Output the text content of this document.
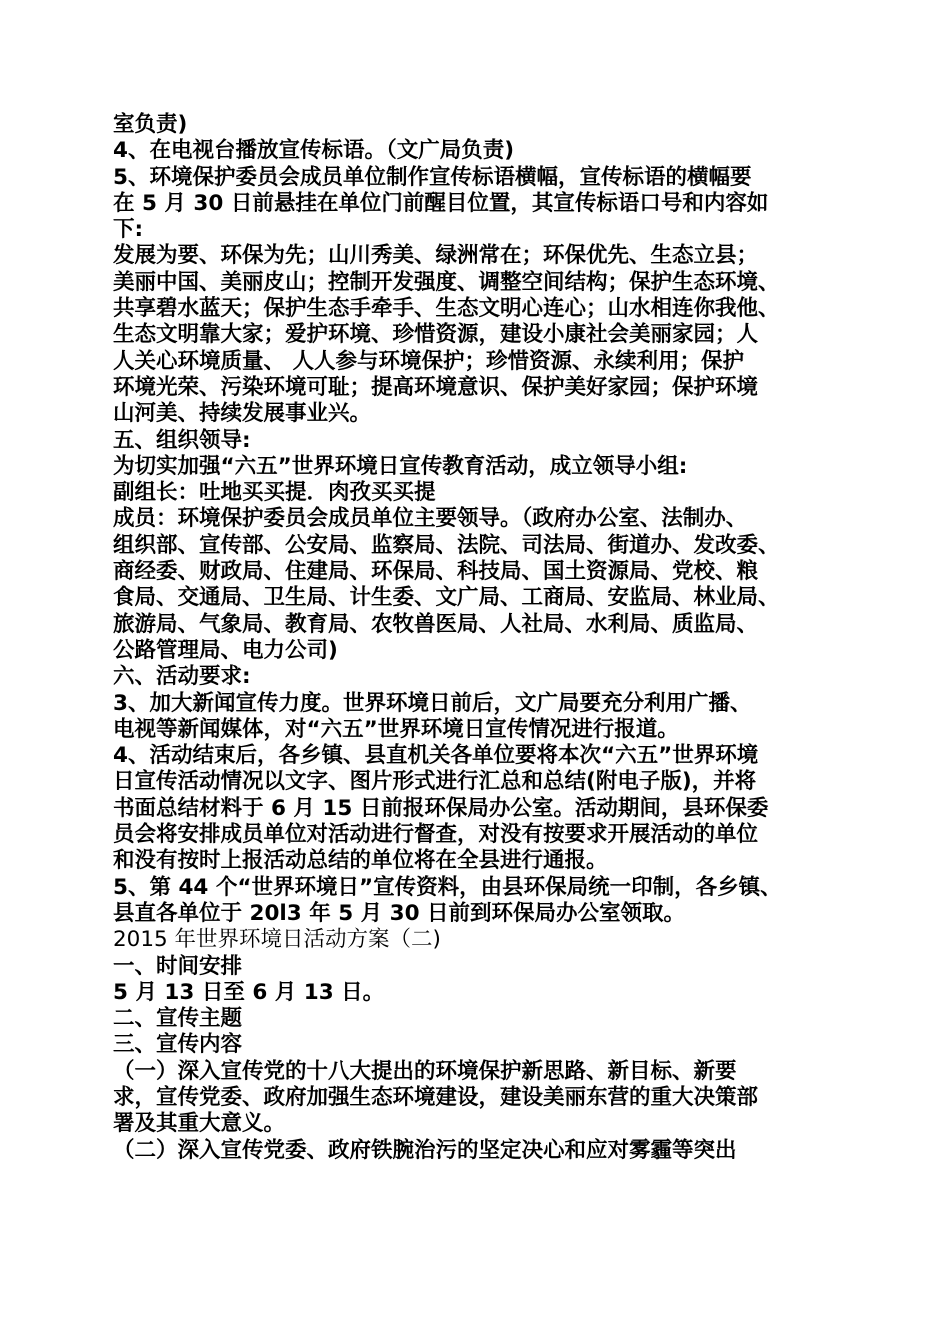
室负责)
4、在电视台播放宣传标语。（文广局负责)
5、环境保护委员会成员单位制作宣传标语横幅，宣传标语的横幅要
在 5 月 30 日前悬挂在单位门前醒目位置，其宣传标语口号和内容如
下:
发展为要、环保为先；山川秀美、绿洲常在；环保优先、生态立县；
美丽中国、美丽皮山；控制开发强度、调整空间结构；保护生态环境、
共享碧水蓝天；保护生态手牵手、生态文明心连心；山水相连你我他、
生态文明靠大家；爱护环境、珍惜资源，建设小康社会美丽家园；人
人关心环境质量、 人人参与环境保护；珍惜资源、永续利用；保护
环境光荣、污染环境可耻；提高环境意识、保护美好家园；保护环境
山河美、持续发展事业兴。
五、组织领导:
为切实加强“六五”世界环境日宣传教育活动，成立领导小组:
副组长：吐地买买提．肉孜买买提
成员：环境保护委员会成员单位主要领导。（政府办公室、法制办、
组织部、宣传部、公安局、监察局、法院、司法局、街道办、发改委、
商经委、财政局、住建局、环保局、科技局、国土资源局、党校、粮
食局、交通局、卫生局、计生委、文广局、工商局、安监局、林业局、
旅游局、气象局、教育局、农牧兽医局、人社局、水利局、质监局、
公路管理局、电力公司)
六、活动要求:
3、加大新闻宣传力度。世界环境日前后，文广局要充分利用广播、
电视等新闻媒体，对“六五”世界环境日宣传情况进行报道。
4、活动结束后，各乡镇、县直机关各单位要将本次“六五”世界环境
日宣传活动情况以文字、图片形式进行汇总和总结(附电子版)，并将
书面总结材料于 6 月 15 日前报环保局办公室。活动期间，县环保委
员会将安排成员单位对活动进行督查，对没有按要求开展活动的单位
和没有按时上报活动总结的单位将在全县进行通报。
5、第 44 个“世界环境日”宣传资料，由县环保局统一印制，各乡镇、
县直各单位于 20l3 年 5 月 30 日前到环保局办公室领取。
2015 年世界环境日活动方案（二)
一、时间安排
5 月 13 日至 6 月 13 日。
二、宣传主题
三、宣传内容
（一）深入宣传党的十八大提出的环境保护新思路、新目标、新要
求，宣传党委、政府加强生态环境建设，建设美丽东营的重大决策部
署及其重大意义。
（二）深入宣传党委、政府铁腕治污的坚定决心和应对雾霾等突出
